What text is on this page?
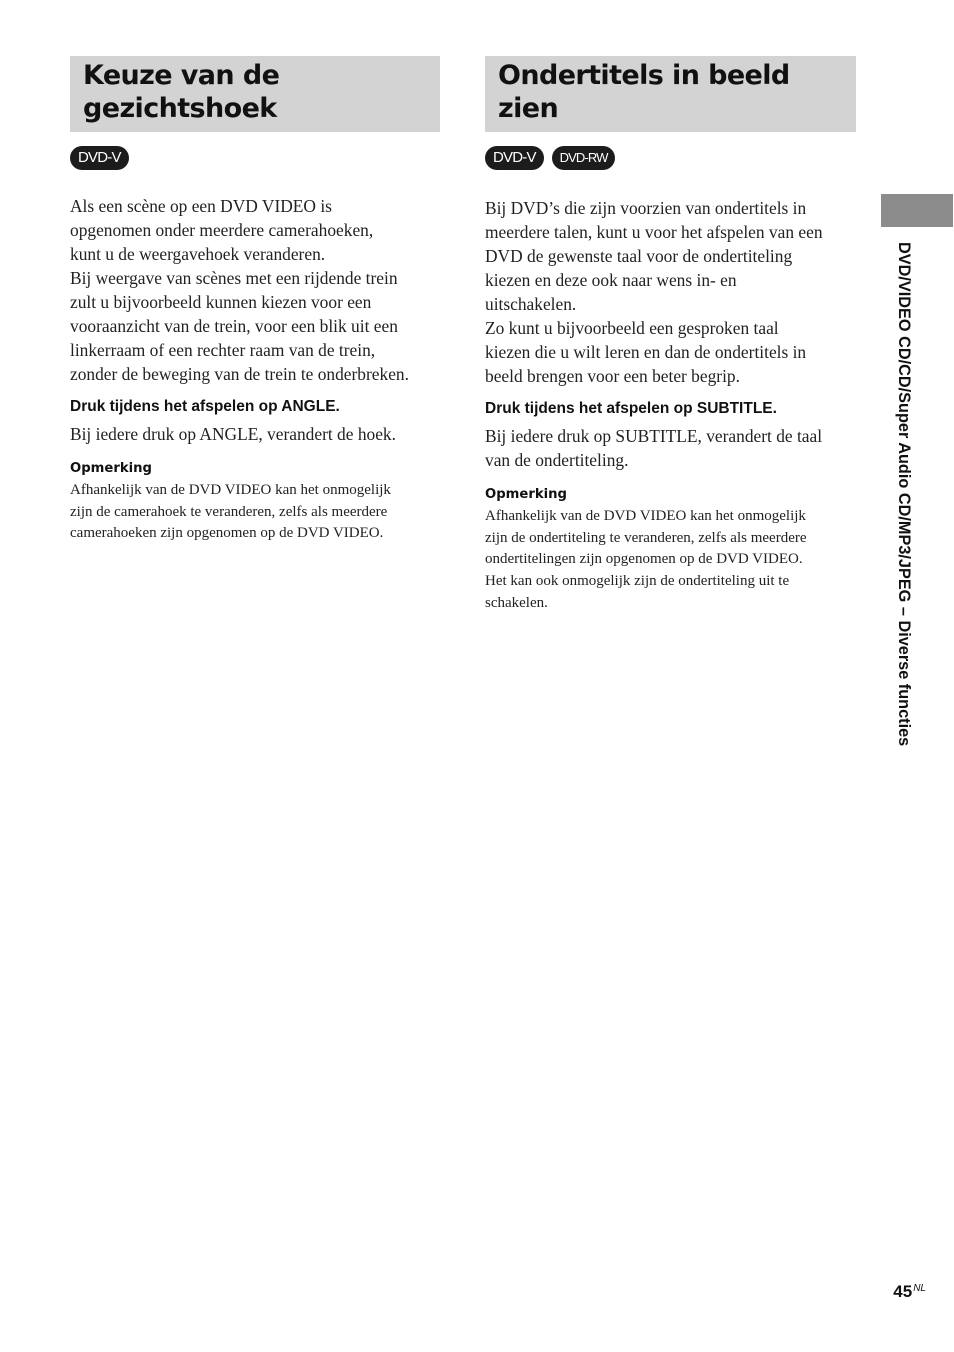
Keuze van de
gezichtshoek
DVD-V

Als een scène op een DVD VIDEO is
opgenomen onder meerdere camerahoeken,
kunt u de weergavehoek veranderen.
Bij weergave van scènes met een rijdende trein
zult u bijvoorbeeld kunnen kiezen voor een
vooraanzicht van de trein, voor een blik uit een
linkerraam of een rechter raam van de trein,
zonder de beweging van de trein te onderbreken.

Druk tijdens het afspelen op ANGLE.

Bij iedere druk op ANGLE, verandert de hoek.

Opmerking

Afhankelijk van de DVD VIDEO kan het onmogelijk
zijn de camerahoek te veranderen, zelfs als meerdere
camerahoeken zijn opgenomen op de DVD VIDEO.

Ondertitels in beeld zien
DVD-V	DVD-RW

Bij DVD’s die zijn voorzien van ondertitels in
meerdere talen, kunt u voor het afspelen van een
DVD de gewenste taal voor de ondertiteling
kiezen en deze ook naar wens in- en
uitschakelen.
Zo kunt u bijvoorbeeld een gesproken taal
kiezen die u wilt leren en dan de ondertitels in
beeld brengen voor een beter begrip.

Druk tijdens het afspelen op SUBTITLE.

Bij iedere druk op SUBTITLE, verandert de taal
van de ondertiteling.

Opmerking

Afhankelijk van de DVD VIDEO kan het onmogelijk
zijn de ondertiteling te veranderen, zelfs als meerdere
ondertitelingen zijn opgenomen op de DVD VIDEO.
Het kan ook onmogelijk zijn de ondertiteling uit te
schakelen.	DVD/VIDEO CD/CD/Super Audio CD/MP3/JPEG – Diverse functies
$45^{NL}$
